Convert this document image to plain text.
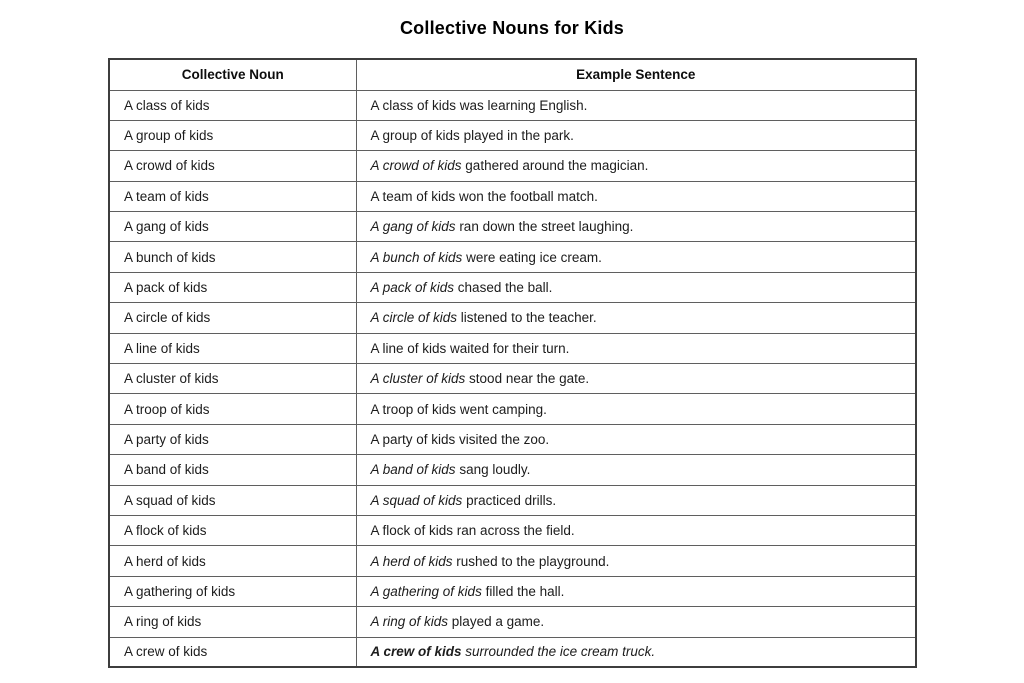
Collective Nouns for Kids
Collective Noun	Example Sentence
A class of kids	A class of kids was learning English.
A group of kids	A group of kids played in the park.
A crowd of kids	A crowd of kids gathered around the magician.
A team of kids	A team of kids won the football match.
A gang of kids	A gang of kids ran down the street laughing.
A bunch of kids	A bunch of kids were eating ice cream.
A pack of kids	A pack of kids chased the ball.
A circle of kids	A circle of kids listened to the teacher.
A line of kids	A line of kids waited for their turn.
A cluster of kids	A cluster of kids stood near the gate.
A troop of kids	A troop of kids went camping.
A party of kids	A party of kids visited the zoo.
A band of kids	A band of kids sang loudly.
A squad of kids	A squad of kids practiced drills.
A flock of kids	A flock of kids ran across the field.
A herd of kids	A herd of kids rushed to the playground.
A gathering of kids	A gathering of kids filled the hall.
A ring of kids	A ring of kids played a game.
A crew of kids	A crew of kids surrounded the ice cream truck.
